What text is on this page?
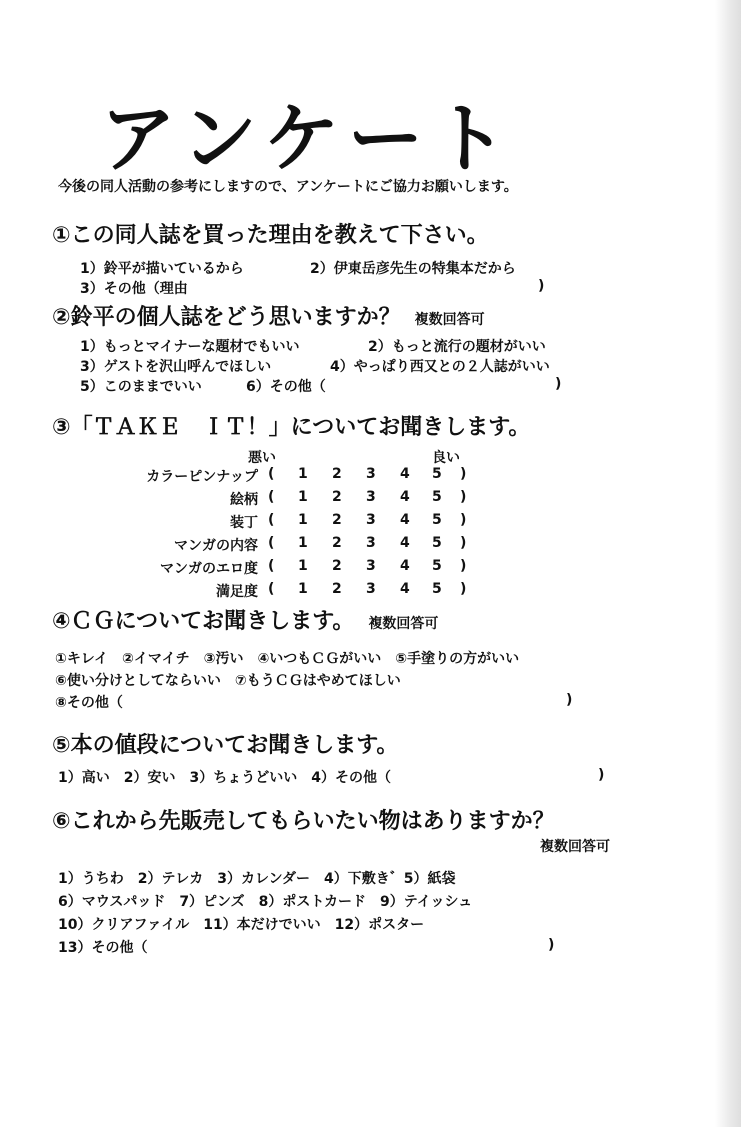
アンケート
今後の同人活動の参考にしますので、アンケートにご協力お願いします。
①この同人誌を買った理由を教えて下さい。
1）鈴平が描いているから	2）伊東岳彦先生の特集本だから
3）その他（理由	)
②鈴平の個人誌をどう思いますか？ 複数回答可
1）もっとマイナーな題材でもいい	2）もっと流行の題材がいい
3）ゲストを沢山呼んでほしい	4）やっぱり西又との２人誌がいい
5）このままでいい	6）その他（	)
③「ＴＡＫＥ　ＩＴ！」についてお聞きします。
悪い	良い
カラーピンナップ ( 1 2 3 4 5 )
絵柄 ( 1 2 3 4 5 )
装丁 ( 1 2 3 4 5 )
マンガの内容 ( 1 2 3 4 5 )
マンガのエロ度 ( 1 2 3 4 5 )
満足度 ( 1 2 3 4 5 )
④ＣＧについてお聞きします。 複数回答可
①キレイ　②イマイチ　③汚い　④いつもＣＧがいい　⑤手塗りの方がいい
⑥使い分けとしてならいい　⑦もうＣＧはやめてほしい
⑧その他（	)
⑤本の値段についてお聞きします。
1）高い　2）安い　3）ちょうどいい　4）その他（	)
⑥これから先販売してもらいたい物はありますか？
複数回答可
1）うちわ　2）テレカ　3）カレンダー　4）下敷き゛5）紙袋
6）マウスパッド　7）ピンズ　8）ポストカード　9）テイッシュ
10）クリアファイル　11）本だけでいい　12）ポスター
13）その他（	)
